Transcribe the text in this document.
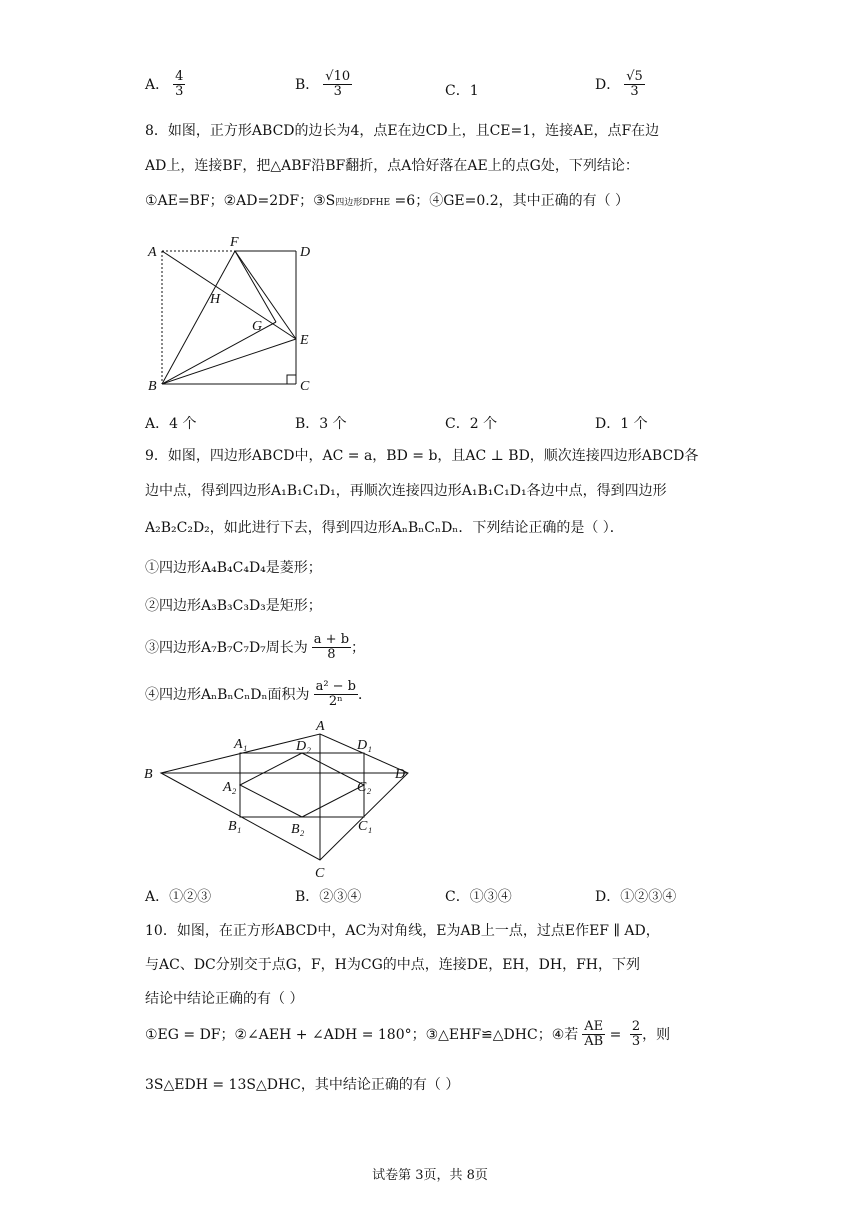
A． $\frac{4}{3}$	B． $\frac{√10}{3}$	C．1	D． $\frac{√5}{3}$
8．如图，正方形ABCD的边长为4，点E在边CD上，且CE=1，连接AE，点F在边
AD上，连接BF，把△ABF沿BF翻折，点A恰好落在AE上的点G处，下列结论：
①AE=BF；②AD=2DF；③S四边形DFHE =6；④GE=0.2，其中正确的有（ ）
A
F
D
H
G
E
B	C
A
A₁	D₂	D₁
B	D
A₂	C₂
B₁	B₂	C₁
C
A．4 个	B．3 个	C．2 个	D．1 个
9．如图，四边形ABCD中，AC = a，BD = b，且AC ⊥ BD，顺次连接四边形ABCD各
边中点，得到四边形A₁B₁C₁D₁，再顺次连接四边形A₁B₁C₁D₁各边中点，得到四边形
A₂B₂C₂D₂，如此进行下去，得到四边形AₙBₙCₙDₙ．下列结论正确的是（ ）．
①四边形A₄B₄C₄D₄是菱形；
②四边形A₃B₃C₃D₃是矩形；
③四边形A₇B₇C₇D₇周长为 $\frac{a + b}{8}$ ；
④四边形AₙBₙCₙDₙ面积为 $\frac{\text{a² − b}}{\text{2ⁿ}}$ ．
A．①②③	B．②③④	C．①③④	D．①②③④
10．如图，在正方形ABCD中，AC为对角线，E为AB上一点，过点E作EF ∥ AD，
与AC、DC分别交于点G，F，H为CG的中点，连接DE，EH，DH，FH，下列
结论中结论正确的有（ ）
①EG = DF；②∠AEH + ∠ADH = 180°；③△EHF≌△DHC；④若 $\frac{AE}{AB} = \frac{2}{3}$ ，则
3S△EDH = 13S△DHC，其中结论正确的有（ ）
试卷第 3页，共 8页
